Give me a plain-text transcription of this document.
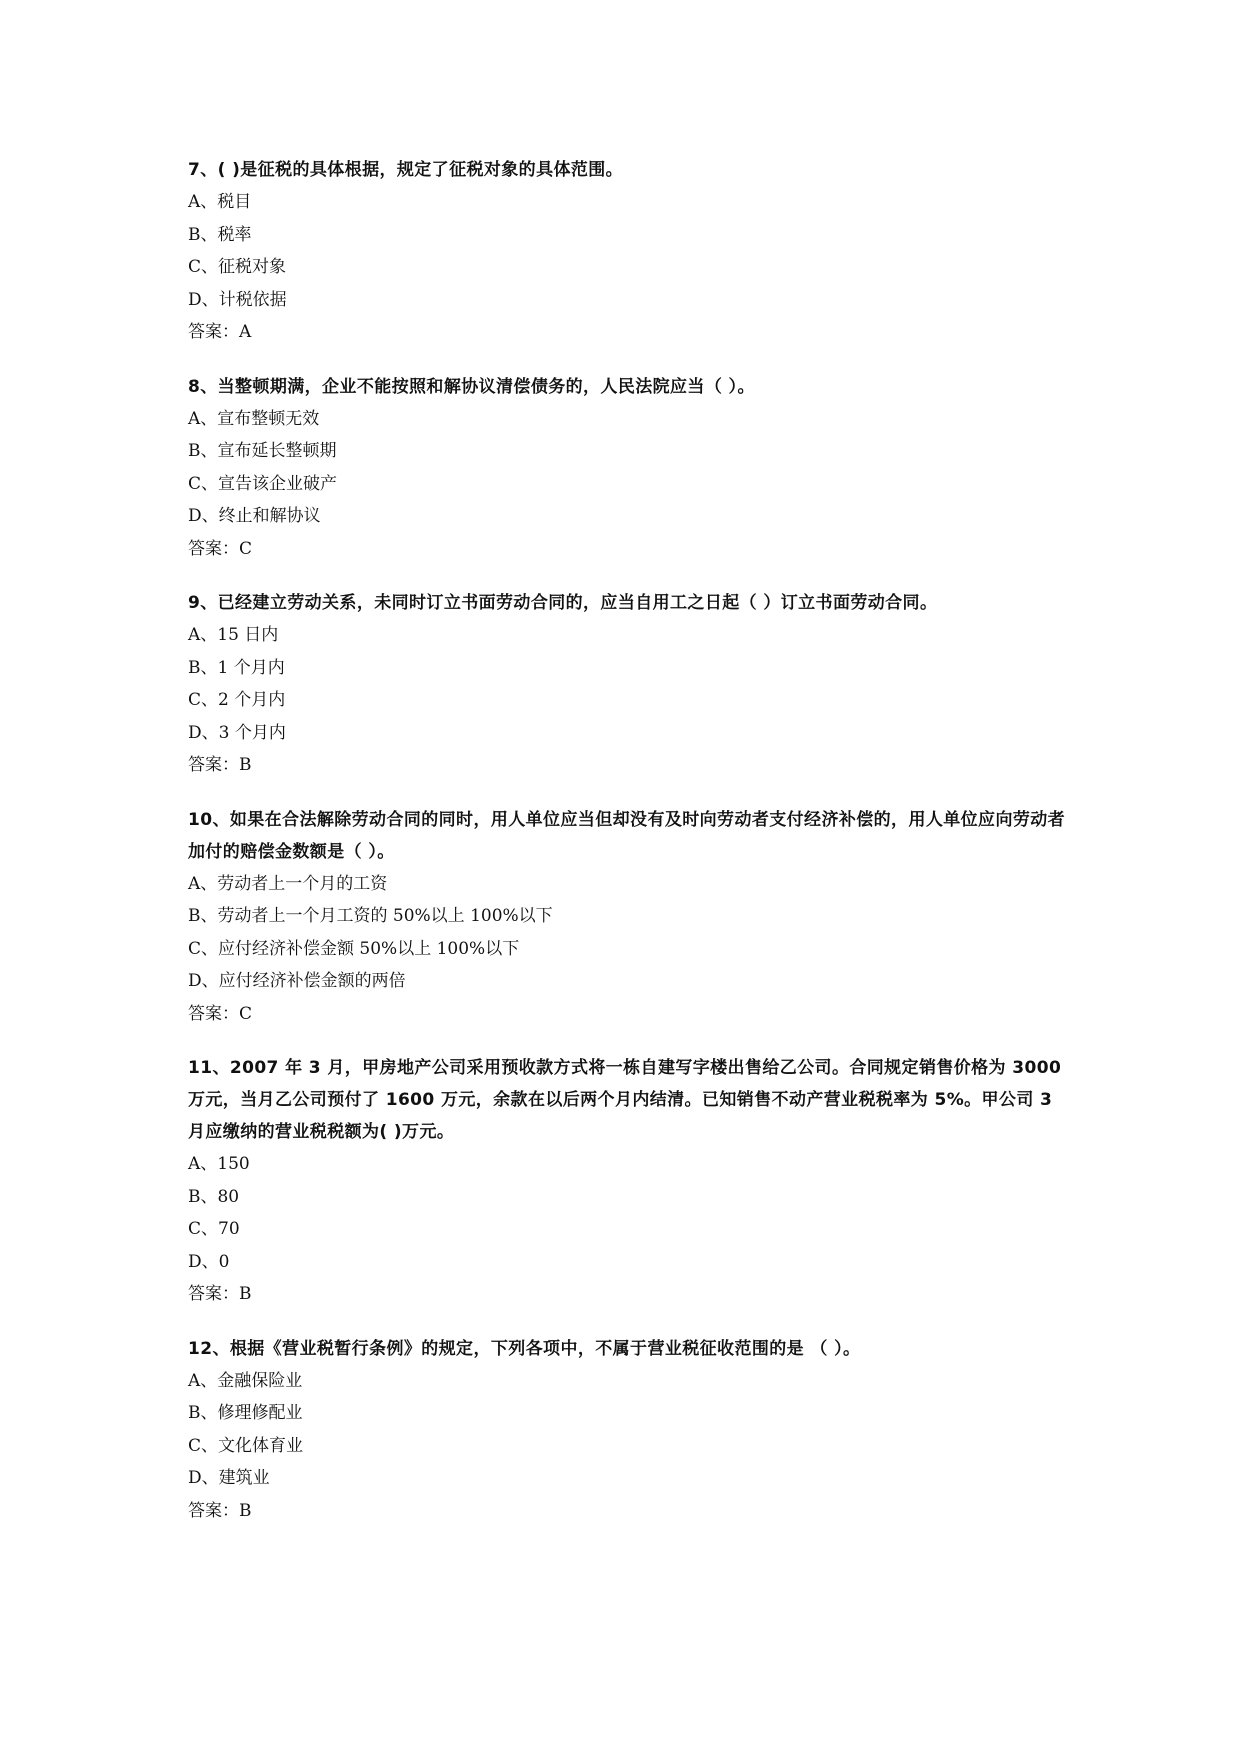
7、( )是征税的具体根据，规定了征税对象的具体范围。

A、税目

B、税率

C、征税对象

D、计税依据

答案：A

8、当整顿期满，企业不能按照和解协议清偿债务的，人民法院应当（ ）。

A、宣布整顿无效

B、宣布延长整顿期

C、宣告该企业破产

D、终止和解协议

答案：C

9、已经建立劳动关系，未同时订立书面劳动合同的，应当自用工之日起（ ）订立书面劳动合同。

A、15 日内

B、1 个月内

C、2 个月内

D、3 个月内

答案：B

10、如果在合法解除劳动合同的同时，用人单位应当但却没有及时向劳动者支付经济补偿的，用人单位应向劳动者加付的赔偿金数额是（ ）。

A、劳动者上一个月的工资

B、劳动者上一个月工资的 50%以上 100%以下

C、应付经济补偿金额 50%以上 100%以下

D、应付经济补偿金额的两倍

答案：C

11、2007 年 3 月，甲房地产公司采用预收款方式将一栋自建写字楼出售给乙公司。合同规定销售价格为 3000 万元，当月乙公司预付了 1600 万元，余款在以后两个月内结清。已知销售不动产营业税税率为 5%。甲公司 3 月应缴纳的营业税税额为( )万元。

A、150

B、80

C、70

D、0

答案：B

12、根据《营业税暂行条例》的规定，下列各项中，不属于营业税征收范围的是 （ ）。

A、金融保险业

B、修理修配业

C、文化体育业

D、建筑业

答案：B
